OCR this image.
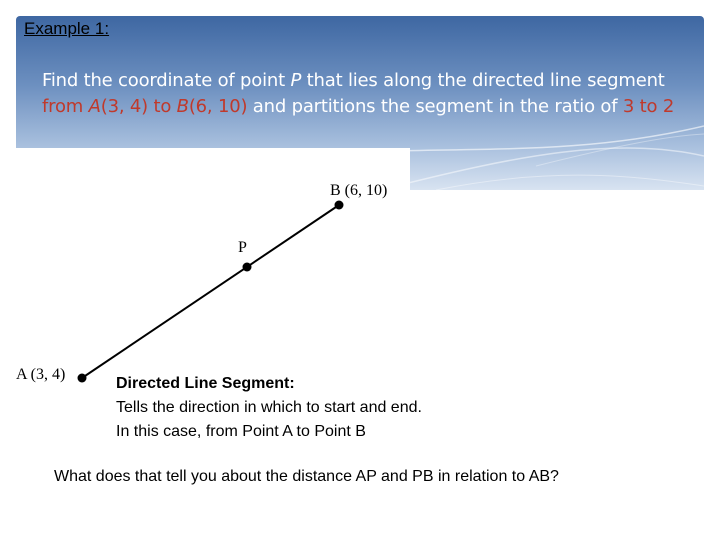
Example 1:
Find the coordinate of point P that lies along the directed line segment from A(3, 4) to B(6, 10) and partitions the segment in the ratio of 3 to 2
B (6, 10)
P
A (3, 4)
Directed Line Segment:
Tells the direction in which to start and end.
In this case, from Point A to Point B
What does that tell you about the distance AP and PB in relation to AB?
